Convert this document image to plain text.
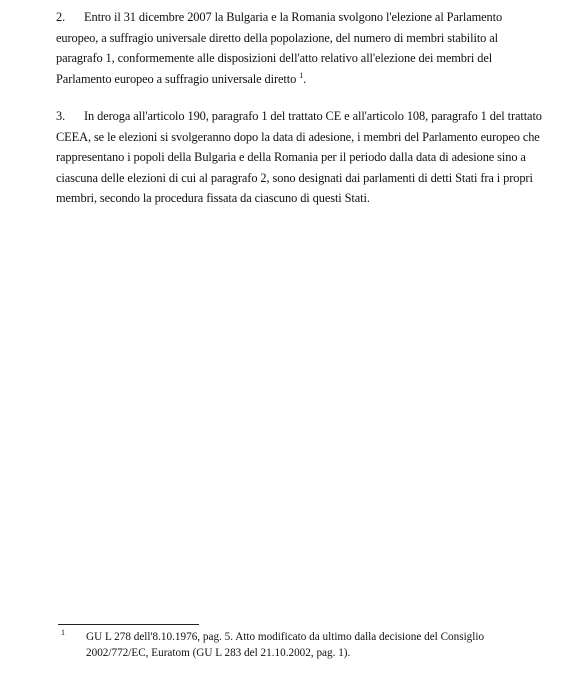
2. Entro il 31 dicembre 2007 la Bulgaria e la Romania svolgono l'elezione al Parlamento
europeo, a suffragio universale diretto della popolazione, del numero di membri stabilito al
paragrafo 1, conformemente alle disposizioni dell'atto relativo all'elezione dei membri del
Parlamento europeo a suffragio universale diretto $^1$.
3. In deroga all'articolo 190, paragrafo 1 del trattato CE e all'articolo 108, paragrafo 1 del trattato
CEEA, se le elezioni si svolgeranno dopo la data di adesione, i membri del Parlamento europeo che
rappresentano i popoli della Bulgaria e della Romania per il periodo dalla data di adesione sino a
ciascuna delle elezioni di cui al paragrafo 2, sono designati dai parlamenti di detti Stati fra i propri
membri, secondo la procedura fissata da ciascuno di questi Stati.
1 GU L 278 dell'8.10.1976, pag. 5. Atto modificato da ultimo dalla decisione del Consiglio
2002/772/EC, Euratom (GU L 283 del 21.10.2002, pag. 1).
